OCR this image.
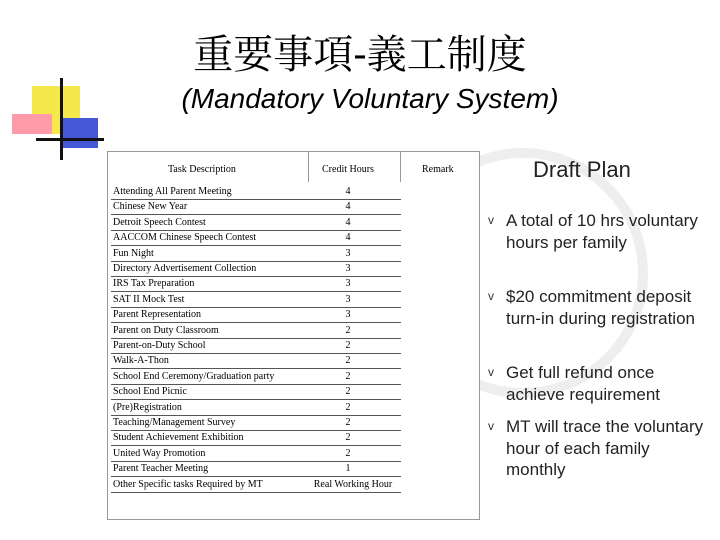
重要事項-義工制度
(Mandatory Voluntary System)
Task Description	Credit Hours	Remark
Attending All Parent Meeting	4
Chinese New Year	4
Detroit Speech Contest	4
AACCOM Chinese Speech Contest	4
Fun Night	3
Directory Advertisement Collection	3
IRS Tax Preparation	3
SAT II Mock Test	3
Parent Representation	3
Parent on Duty Classroom	2
Parent-on-Duty School	2
Walk-A-Thon	2
School End Ceremony/Graduation party	2
School End Picnic	2
(Pre)Registration	2
Teaching/Management Survey	2
Student Achievement Exhibition	2
United Way Promotion	2
Parent Teacher Meeting	1
Other Specific tasks Required by MT	Real Working Hour
Draft Plan
v A total of 10 hrs voluntary hours per family
v $20 commitment deposit turn-in during registration
v Get full refund once achieve requirement
v MT will trace the voluntary hour of each family monthly
